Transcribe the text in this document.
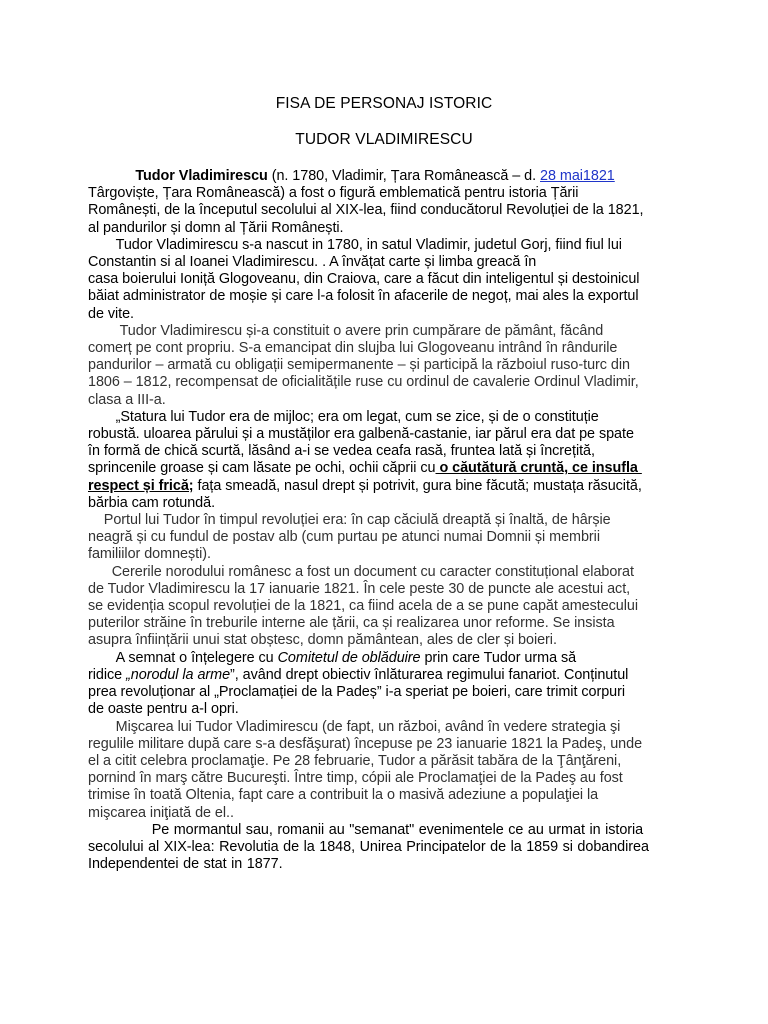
FISA DE PERSONAJ ISTORIC
TUDOR VLADIMIRESCU

Tudor Vladimirescu (n. 1780, Vladimir, Țara Românească – d. 28 mai1821
Târgoviște, Țara Românească) a fost o figură emblematică pentru istoria Țării
Românești, de la începutul secolului al XIX-lea, fiind conducătorul Revoluției de la 1821,
al pandurilor și domn al Țării Românești.

Tudor Vladimirescu s-a nascut in 1780, in satul Vladimir, judetul Gorj, fiind fiul lui
Constantin si al Ioanei Vladimirescu. . A învățat carte și limba greacă în
casa boierului Ioniță Glogoveanu, din Craiova, care a făcut din inteligentul și destoinicul
băiat administrator de moșie și care l-a folosit în afacerile de negoț, mai ales la exportul
de vite.

Tudor Vladimirescu și-a constituit o avere prin cumpărare de pământ, făcând
comerț pe cont propriu. S-a emancipat din slujba lui Glogoveanu intrând în rândurile
pandurilor – armată cu obligații semipermanente – și participă la războiul ruso-turc din
1806 – 1812, recompensat de oficialitățile ruse cu ordinul de cavalerie Ordinul Vladimir,
clasa a III-a.

„Statura lui Tudor era de mijloc; era om legat, cum se zice, și de o constituție
robustă. uloarea părului și a mustăților era galbenă-castanie, iar părul era dat pe spate
în formă de chică scurtă, lăsând a-i se vedea ceafa rasă, fruntea lată și încrețită,
sprincenile groase și cam lăsate pe ochi, ochii căprii cu o căutătură cruntă, ce insufla
respect și frică; fața smeadă, nasul drept și potrivit, gura bine făcută; mustața răsucită,
bărbia cam rotundă.

Portul lui Tudor în timpul revoluției era: în cap căciulă dreaptă și înaltă, de hârșie
neagră și cu fundul de postav alb (cum purtau pe atunci numai Domnii și membrii
familiilor domnești).

Cererile norodului românesc a fost un document cu caracter constituțional elaborat
de Tudor Vladimirescu la 17 ianuarie 1821. În cele peste 30 de puncte ale acestui act,
se evidenția scopul revoluției de la 1821, ca fiind acela de a se pune capăt amestecului
puterilor străine în treburile interne ale țării, ca și realizarea unor reforme. Se insista
asupra înființării unui stat obștesc, domn pământean, ales de cler și boieri.

A semnat o înțelegere cu Comitetul de oblăduire prin care Tudor urma să
ridice „norodul la arme”, având drept obiectiv înlăturarea regimului fanariot. Conținutul
prea revoluționar al „Proclamației de la Padeș” i-a speriat pe boieri, care trimit corpuri
de oaste pentru a-l opri.

Mişcarea lui Tudor Vladimirescu (de fapt, un război, având în vedere strategia şi
regulile militare după care s-a desfăşurat) începuse pe 23 ianuarie 1821 la Padeş, unde
el a citit celebra proclamaţie. Pe 28 februarie, Tudor a părăsit tabăra de la Ţânţăreni,
pornind în marş către Bucureşti. Între timp, cópii ale Proclamaţiei de la Padeş au fost
trimise în toată Oltenia, fapt care a contribuit la o masivă adeziune a populaţiei la
mişcarea iniţiată de el..

Pe mormantul sau, romanii au "semanat" evenimentele ce au urmat in istoria
secolului al XIX-lea: Revolutia de la 1848, Unirea Principatelor de la 1859 si dobandirea
Independentei de stat in 1877.
